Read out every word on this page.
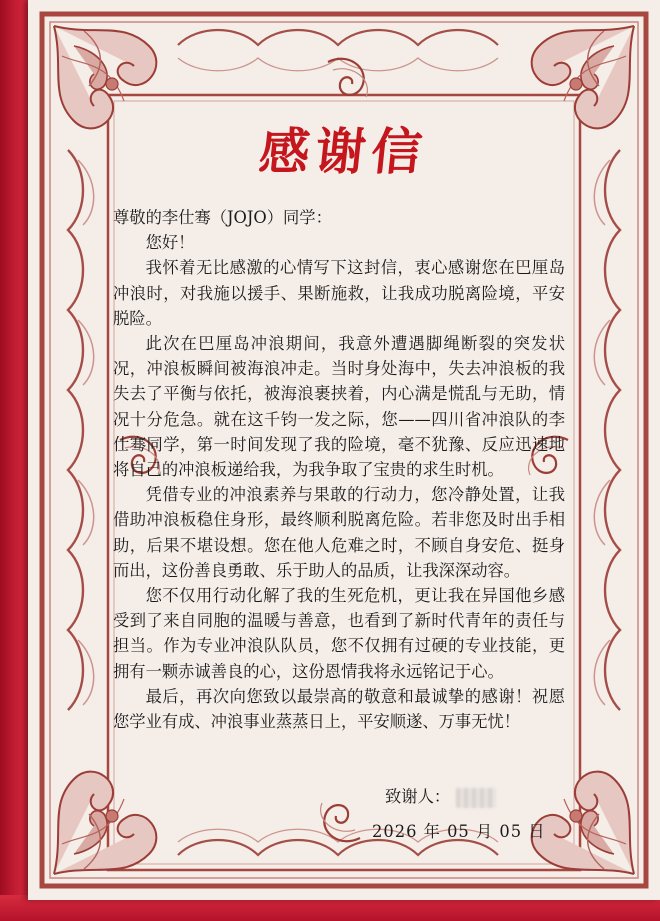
感谢信

尊敬的李仕骞（JOJO）同学：

您好！

我怀着无比感激的心情写下这封信，衷心感谢您在巴厘岛冲浪时，对我施以援手、果断施救，让我成功脱离险境，平安脱险。

此次在巴厘岛冲浪期间，我意外遭遇脚绳断裂的突发状况，冲浪板瞬间被海浪冲走。当时身处海中，失去冲浪板的我失去了平衡与依托，被海浪裹挟着，内心满是慌乱与无助，情况十分危急。就在这千钧一发之际，您——四川省冲浪队的李仕骞同学，第一时间发现了我的险境，毫不犹豫、反应迅速地将自己的冲浪板递给我，为我争取了宝贵的求生时机。

凭借专业的冲浪素养与果敢的行动力，您冷静处置，让我借助冲浪板稳住身形，最终顺利脱离危险。若非您及时出手相助，后果不堪设想。您在他人危难之时，不顾自身安危、挺身而出，这份善良勇敢、乐于助人的品质，让我深深动容。

您不仅用行动化解了我的生死危机，更让我在异国他乡感受到了来自同胞的温暖与善意，也看到了新时代青年的责任与担当。作为专业冲浪队队员，您不仅拥有过硬的专业技能，更拥有一颗赤诚善良的心，这份恩情我将永远铭记于心。

最后，再次向您致以最崇高的敬意和最诚挚的感谢！祝愿您学业有成、冲浪事业蒸蒸日上，平安顺遂、万事无忧！

致谢人：
2026 年 05 月 05 日
